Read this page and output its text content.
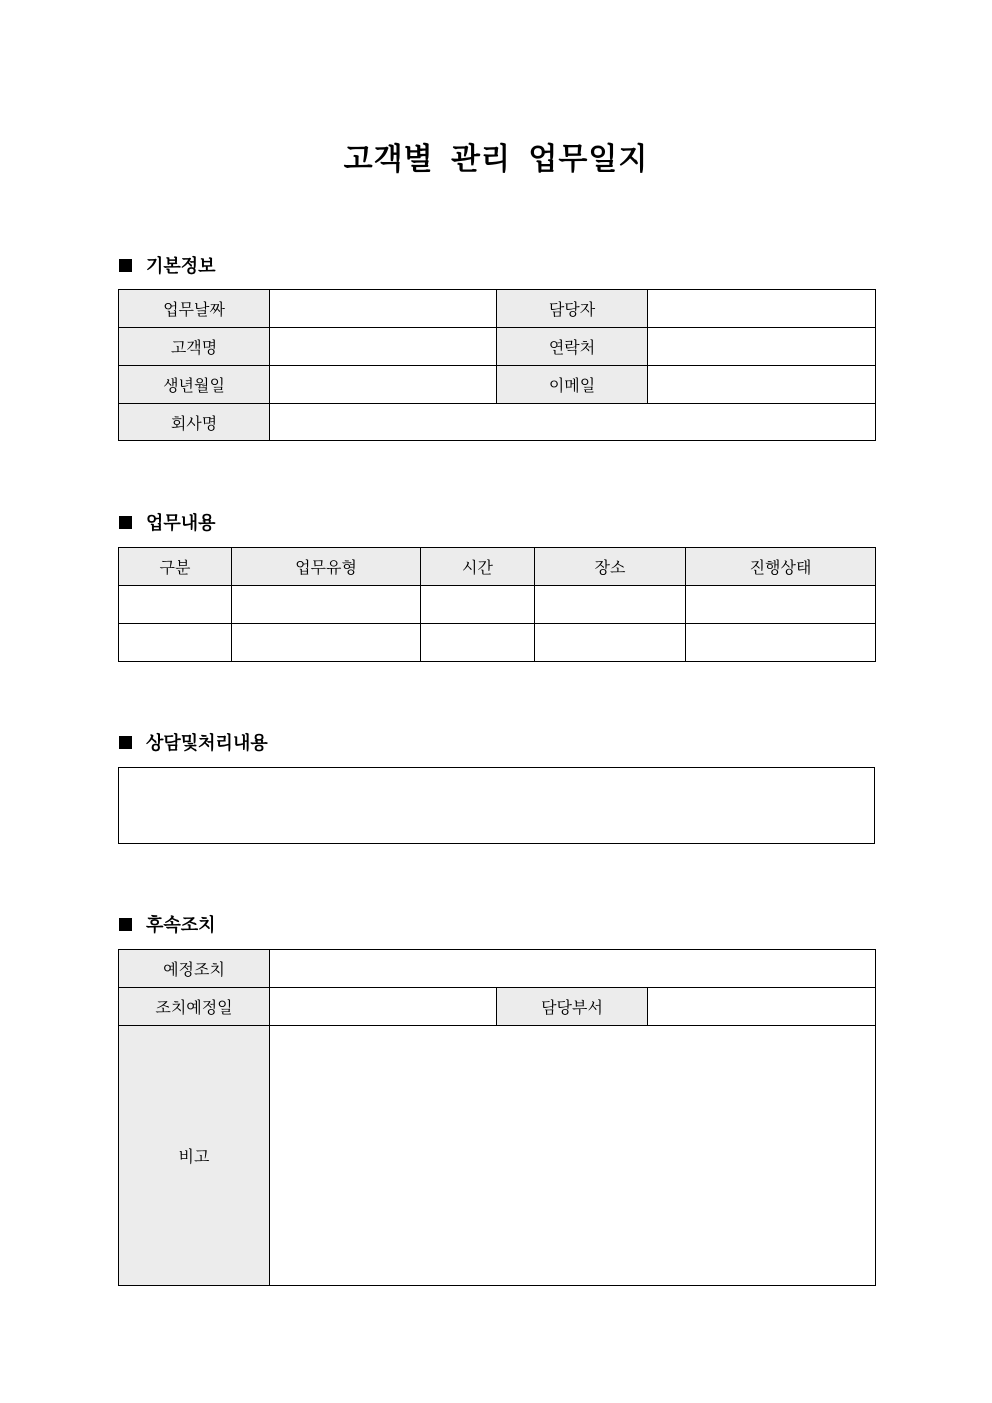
고객별 관리 업무일지
기본정보
업무날짜		담당자	
고객명		연락처	
생년월일		이메일	
회사명			
업무내용
구분	업무유형	시간	장소	진행상태

상담및처리내용
후속조치
예정조치			
조치예정일		담당부서	
비고			
